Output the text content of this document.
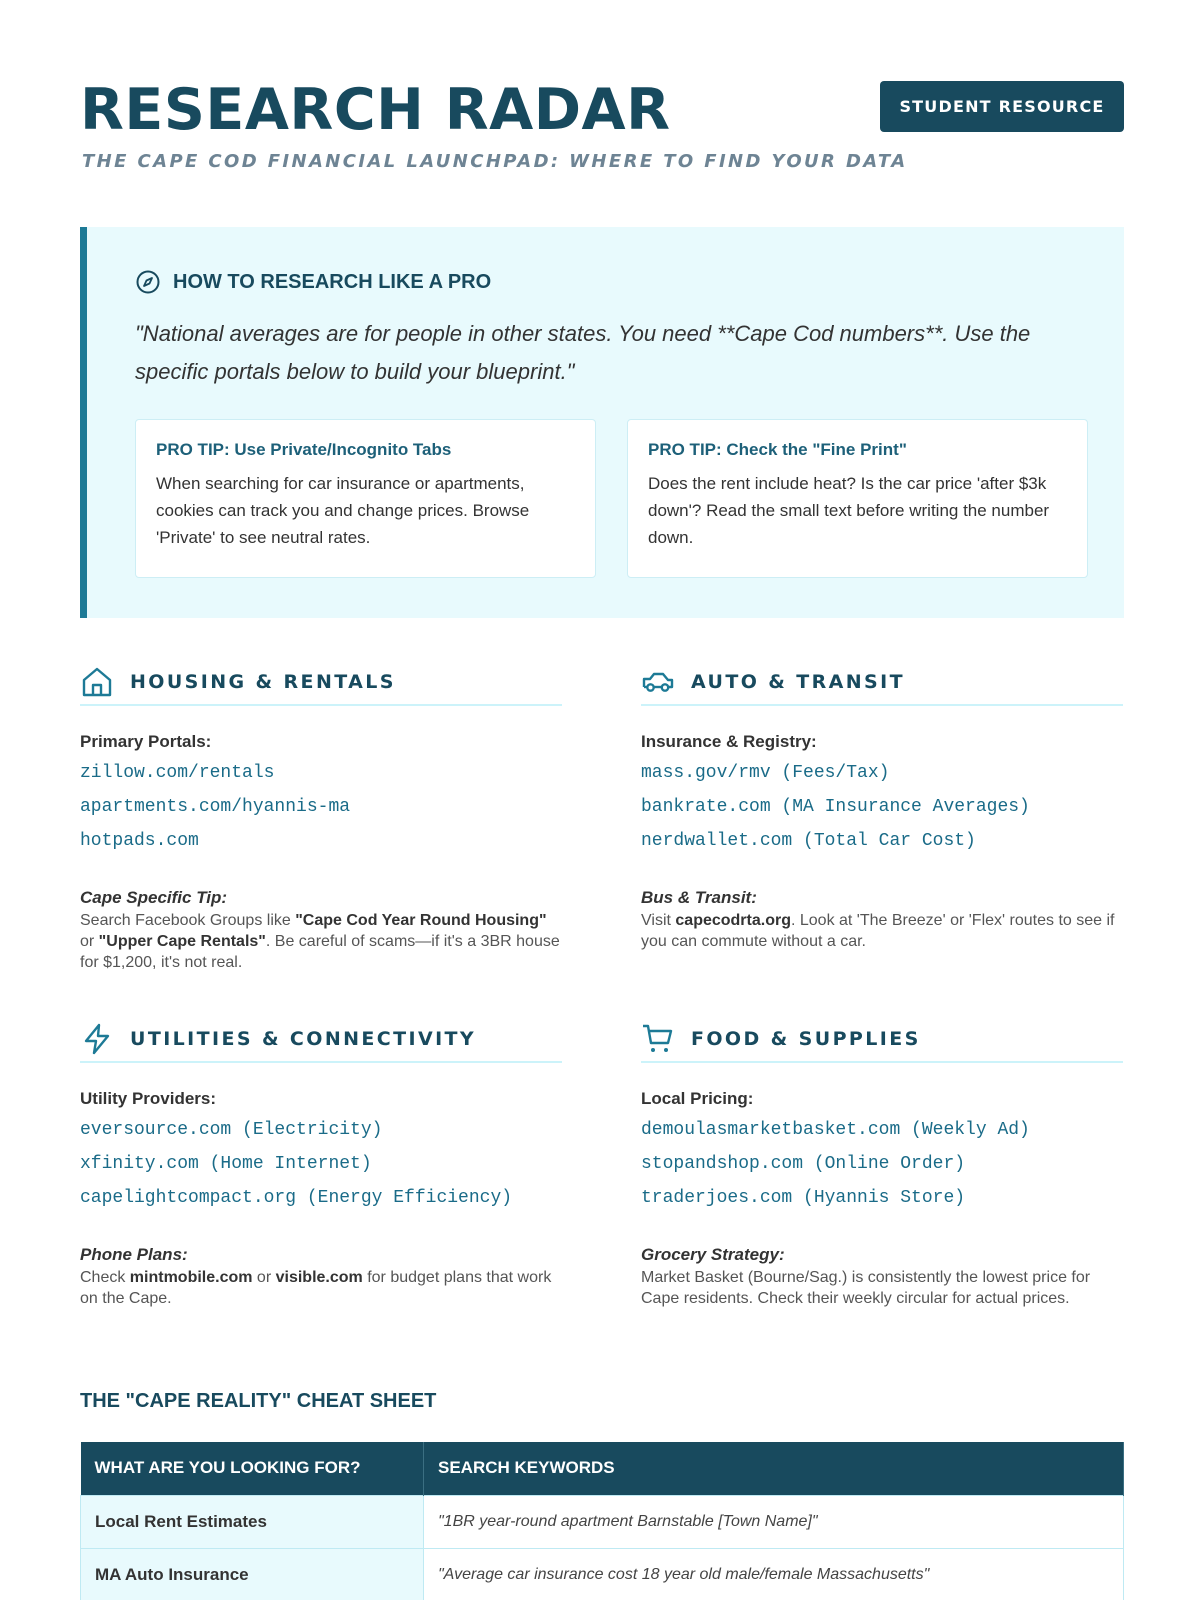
RESEARCH RADAR
THE CAPE COD FINANCIAL LAUNCHPAD: WHERE TO FIND YOUR DATA
STUDENT RESOURCE
HOW TO RESEARCH LIKE A PRO

"National averages are for people in other states. You need **Cape Cod numbers**. Use the specific portals below to build your blueprint."

PRO TIP: Use Private/Incognito Tabs
When searching for car insurance or apartments, cookies can track you and change prices. Browse 'Private' to see neutral rates.
PRO TIP: Check the "Fine Print"
Does the rent include heat? Is the car price 'after $3k down'? Read the small text before writing the number down.
HOUSING & RENTALS
Primary Portals:
zillow.com/rentals
apartments.com/hyannis-ma
hotpads.com
Cape Specific Tip:
Search Facebook Groups like "Cape Cod Year Round Housing" or "Upper Cape Rentals". Be careful of scams—if it's a 3BR house for $1,200, it's not real.
AUTO & TRANSIT
Insurance & Registry:
mass.gov/rmv (Fees/Tax)
bankrate.com (MA Insurance Averages)
nerdwallet.com (Total Car Cost)
Bus & Transit:
Visit capecodrta.org. Look at 'The Breeze' or 'Flex' routes to see if you can commute without a car.
UTILITIES & CONNECTIVITY
Utility Providers:
eversource.com (Electricity)
xfinity.com (Home Internet)
capelightcompact.org (Energy Efficiency)
Phone Plans:
Check mintmobile.com or visible.com for budget plans that work on the Cape.
FOOD & SUPPLIES
Local Pricing:
demoulasmarketbasket.com (Weekly Ad)
stopandshop.com (Online Order)
traderjoes.com (Hyannis Store)
Grocery Strategy:
Market Basket (Bourne/Sag.) is consistently the lowest price for Cape residents. Check their weekly circular for actual prices.
THE "CAPE REALITY" CHEAT SHEET
WHAT ARE YOU LOOKING FOR?	SEARCH KEYWORDS
Local Rent Estimates	"1BR year-round apartment Barnstable [Town Name]"
MA Auto Insurance	"Average car insurance cost 18 year old male/female Massachusetts"
